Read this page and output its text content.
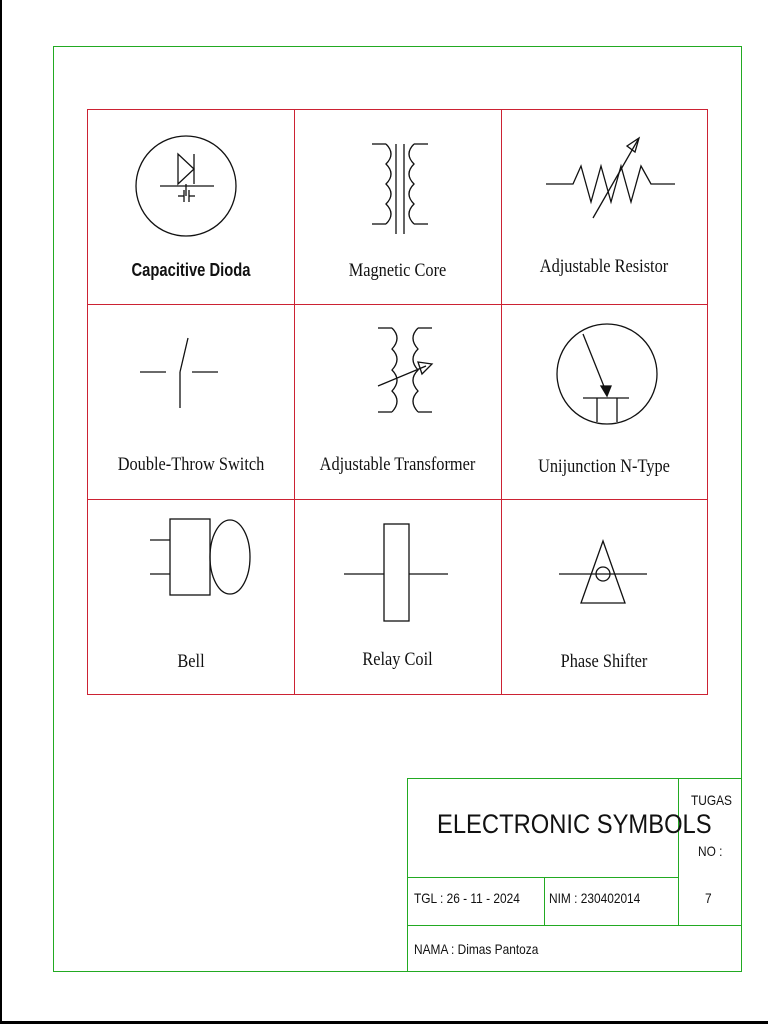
Capacitive Dioda	Magnetic Core	Adjustable Resistor
Double-Throw Switch	Adjustable Transformer	Unijunction N-Type
Bell	Relay Coil	Phase Shifter
ELECTRONIC SYMBOLS
TUGAS
NO :
7
TGL : 26 - 11 - 2024 NIM : 230402014
NAMA : Dimas Pantoza
